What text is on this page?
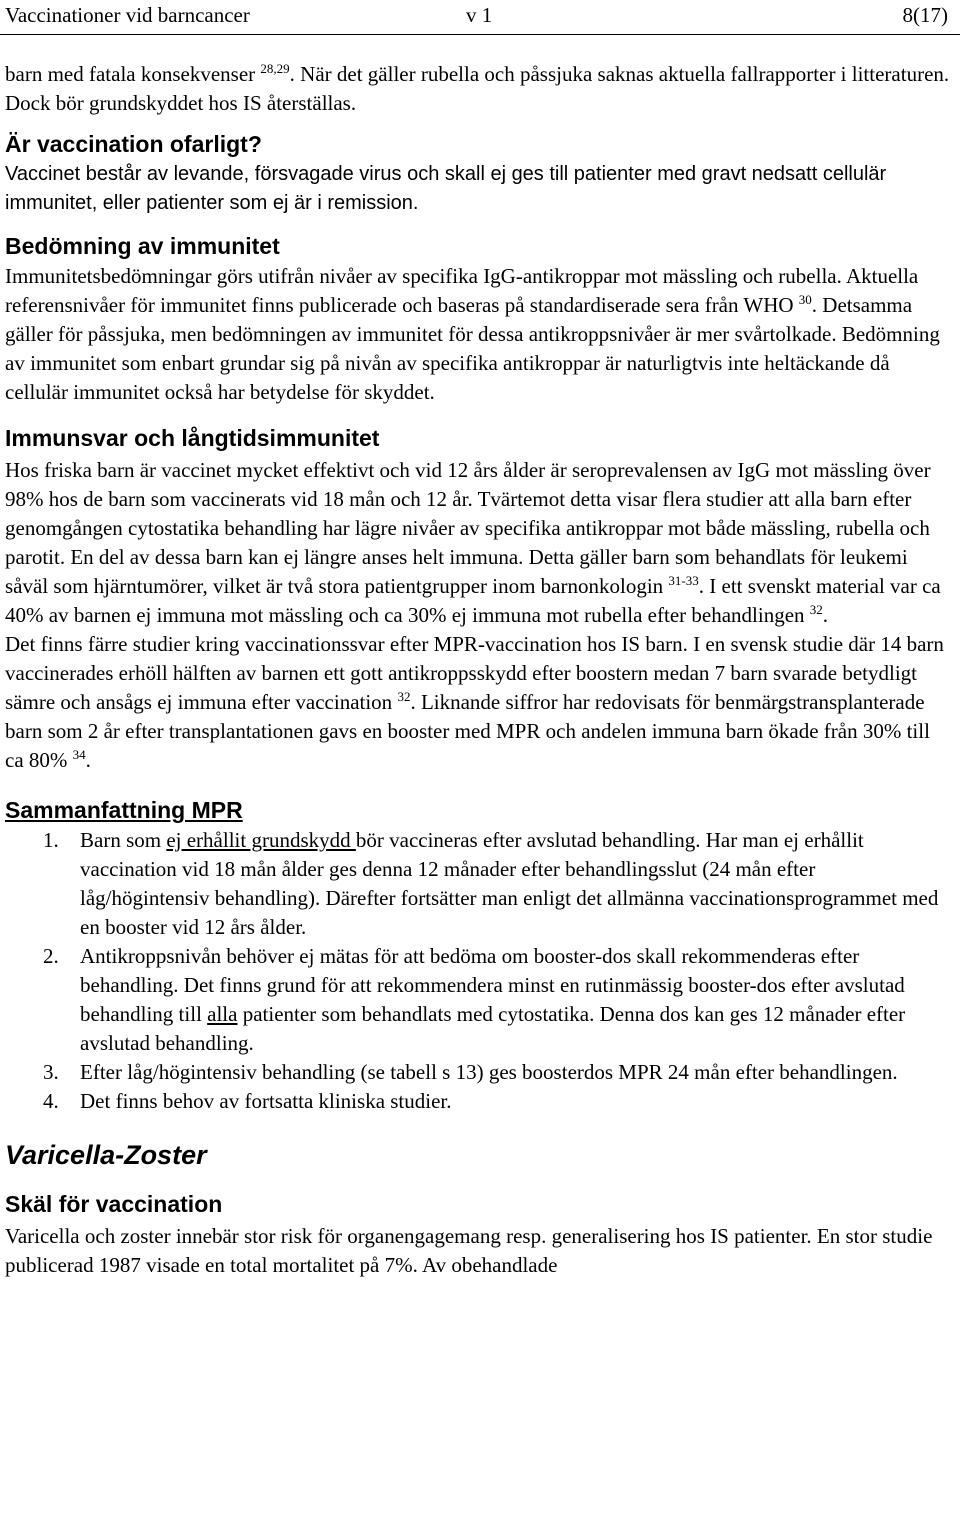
Vaccinationer vid barncancer	v 1	8(17)

barn med fatala konsekvenser $^{28,29}$. När det gäller rubella och påssjuka saknas aktuella fallrapporter i litteraturen. Dock bör grundskyddet hos IS återställas.

Är vaccination ofarligt?

Vaccinet består av levande, försvagade virus och skall ej ges till patienter med gravt nedsatt cellulär immunitet, eller patienter som ej är i remission.

Bedömning av immunitet

Immunitetsbedömningar görs utifrån nivåer av specifika IgG-antikroppar mot mässling och rubella. Aktuella referensnivåer för immunitet finns publicerade och baseras på standardiserade sera från WHO $^{30}$. Detsamma gäller för påssjuka, men bedömningen av immunitet för dessa antikroppsnivåer är mer svårtolkade. Bedömning av immunitet som enbart grundar sig på nivån av specifika antikroppar är naturligtvis inte heltäckande då cellulär immunitet också har betydelse för skyddet.

Immunsvar och långtidsimmunitet

Hos friska barn är vaccinet mycket effektivt och vid 12 års ålder är seroprevalensen av IgG mot mässling över 98% hos de barn som vaccinerats vid 18 mån och 12 år. Tvärtemot detta visar flera studier att alla barn efter genomgången cytostatika behandling har lägre nivåer av specifika antikroppar mot både mässling, rubella och parotit. En del av dessa barn kan ej längre anses helt immuna. Detta gäller barn som behandlats för leukemi såväl som hjärntumörer, vilket är två stora patientgrupper inom barnonkologin $^{31-33}$. I ett svenskt material var ca 40% av barnen ej immuna mot mässling och ca 30% ej immuna mot rubella efter behandlingen $^{32}$.

Det finns färre studier kring vaccinationssvar efter MPR-vaccination hos IS barn. I en svensk studie där 14 barn vaccinerades erhöll hälften av barnen ett gott antikroppsskydd efter boostern medan 7 barn svarade betydligt sämre och ansågs ej immuna efter vaccination $^{32}$. Liknande siffror har redovisats för benmärgstransplanterade barn som 2 år efter transplantationen gavs en booster med MPR och andelen immuna barn ökade från 30% till ca 80% $^{34}$.

Sammanfattning MPR
1. Barn som ej erhållit grundskydd bör vaccineras efter avslutad behandling. Har man ej erhållit vaccination vid 18 mån ålder ges denna 12 månader efter behandlingsslut (24 mån efter låg/högintensiv behandling). Därefter fortsätter man enligt det allmänna vaccinationsprogrammet med en booster vid 12 års ålder.
2. Antikroppsnivån behöver ej mätas för att bedöma om booster-dos skall rekommenderas efter behandling. Det finns grund för att rekommendera minst en rutinmässig booster-dos efter avslutad behandling till alla patienter som behandlats med cytostatika. Denna dos kan ges 12 månader efter avslutad behandling.
3. Efter låg/högintensiv behandling (se tabell s 13) ges boosterdos MPR 24 mån efter behandlingen.
4. Det finns behov av fortsatta kliniska studier.
Varicella-Zoster
Skäl för vaccination

Varicella och zoster innebär stor risk för organengagemang resp. generalisering hos IS patienter. En stor studie publicerad 1987 visade en total mortalitet på 7%. Av obehandlade
